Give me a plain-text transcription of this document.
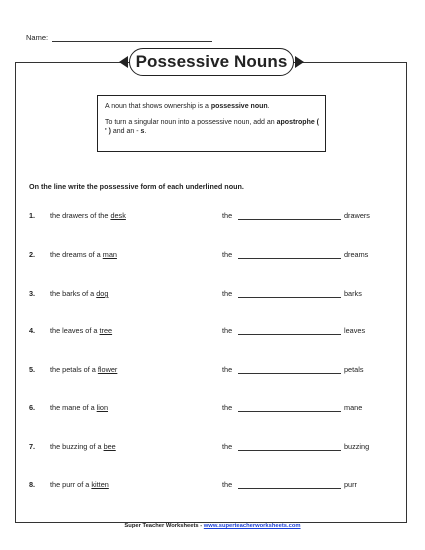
Name:
Possessive Nouns

A noun that shows ownership is a possessive noun.

To turn a singular noun into a possessive noun, add an apostrophe ( ' ) and an - s.

On the line write the possessive form of each underlined noun.
1. the drawers of the desk	the	drawers
2. the dreams of a man	the	dreams
3. the barks of a dog	the	barks
4. the leaves of a tree	the	leaves
5. the petals of a flower	the	petals
6. the mane of a lion	the	mane
7. the buzzing of a bee	the	buzzing
8. the purr of a kitten	the	purr
Super Teacher Worksheets - www.superteacherworksheets.com
